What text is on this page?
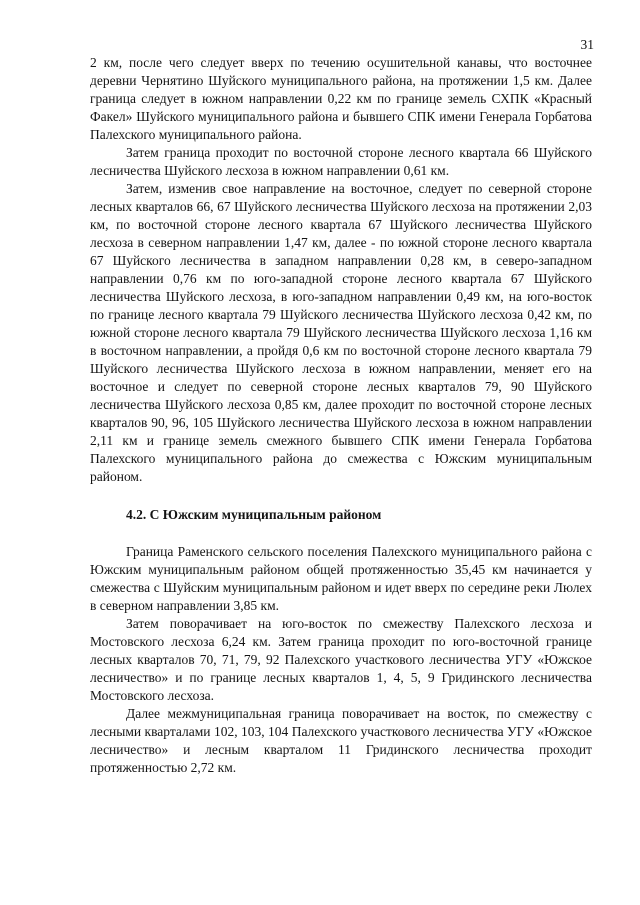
31

2 км, после чего следует вверх по течению осушительной канавы, что восточнее деревни Чернятино Шуйского муниципального района, на протяжении 1,5 км. Далее граница следует в южном направлении 0,22 км по границе земель СХПК «Красный Факел» Шуйского муниципального района и бывшего СПК имени Генерала Горбатова Палехского муниципального района.

Затем граница проходит по восточной стороне лесного квартала 66 Шуйского лесничества Шуйского лесхоза в южном направлении 0,61 км.

Затем, изменив свое направление на восточное, следует по северной стороне лесных кварталов 66, 67 Шуйского лесничества Шуйского лесхоза на протяжении 2,03 км, по восточной стороне лесного квартала 67 Шуйского лесничества Шуйского лесхоза в северном направлении 1,47 км, далее - по южной стороне лесного квартала 67 Шуйского лесничества в западном направлении 0,28 км, в северо-западном направлении 0,76 км по юго-западной стороне лесного квартала 67 Шуйского лесничества Шуйского лесхоза, в юго-западном направлении 0,49 км, на юго-восток по границе лесного квартала 79 Шуйского лесничества Шуйского лесхоза 0,42 км, по южной стороне лесного квартала 79 Шуйского лесничества Шуйского лесхоза 1,16 км в восточном направлении, а пройдя 0,6 км по восточной стороне лесного квартала 79 Шуйского лесничества Шуйского лесхоза в южном направлении, меняет его на восточное и следует по северной стороне лесных кварталов 79, 90 Шуйского лесничества Шуйского лесхоза 0,85 км, далее проходит по восточной стороне лесных кварталов 90, 96, 105 Шуйского лесничества Шуйского лесхоза в южном направлении 2,11 км и границе земель смежного бывшего СПК имени Генерала Горбатова Палехского муниципального района до смежества с Южским муниципальным районом.

4.2. С Южским муниципальным районом

Граница Раменского сельского поселения Палехского муниципального района с Южским муниципальным районом общей протяженностью 35,45 км начинается у смежества с Шуйским муниципальным районом и идет вверх по середине реки Люлех в северном направлении 3,85 км.

Затем поворачивает на юго-восток по смежеству Палехского лесхоза и Мостовского лесхоза 6,24 км. Затем граница проходит по юго-восточной границе лесных кварталов 70, 71, 79, 92 Палехского участкового лесничества УГУ «Южское лесничество» и по границе лесных кварталов 1, 4, 5, 9 Гридинского лесничества Мостовского лесхоза.

Далее межмуниципальная граница поворачивает на восток, по смежеству с лесными кварталами 102, 103, 104 Палехского участкового лесничества УГУ «Южское лесничество» и лесным кварталом 11 Гридинского лесничества проходит протяженностью 2,72 км.
